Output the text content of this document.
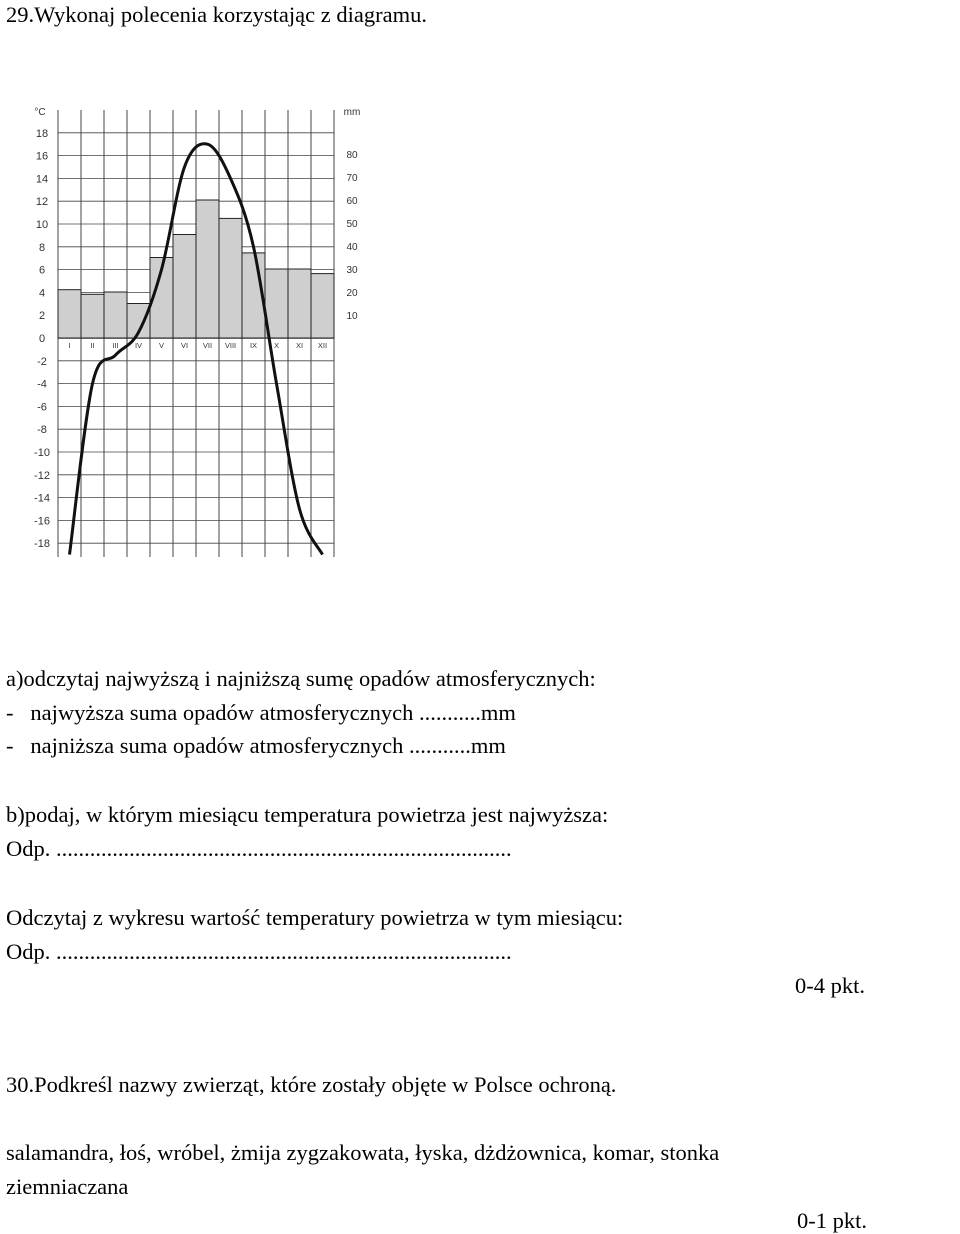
29.Wykonaj polecenia korzystając z diagramu.
°C
18
16
14
12
10
8
6
4
2
0
-2
-4
-6
-8
-10
-12
-14
-16
-18
mm
80
70
60
50
40
30
20
10
I	II III IV V VI VII VIII IX X XI XII
a)odczytaj najwyższą i najniższą sumę opadów atmosferycznych:
-   najwyższa suma opadów atmosferycznych ...........mm
-   najniższa suma opadów atmosferycznych ...........mm
b)podaj, w którym miesiącu temperatura powietrza jest najwyższa:
Odp. .................................................................................
Odczytaj z wykresu wartość temperatury powietrza w tym miesiącu:
Odp. .................................................................................
0-4 pkt.
30.Podkreśl nazwy zwierząt, które zostały objęte w Polsce ochroną.
salamandra, łoś, wróbel, żmija zygzakowata, łyska, dżdżownica, komar, stonka
ziemniaczana
0-1 pkt.
